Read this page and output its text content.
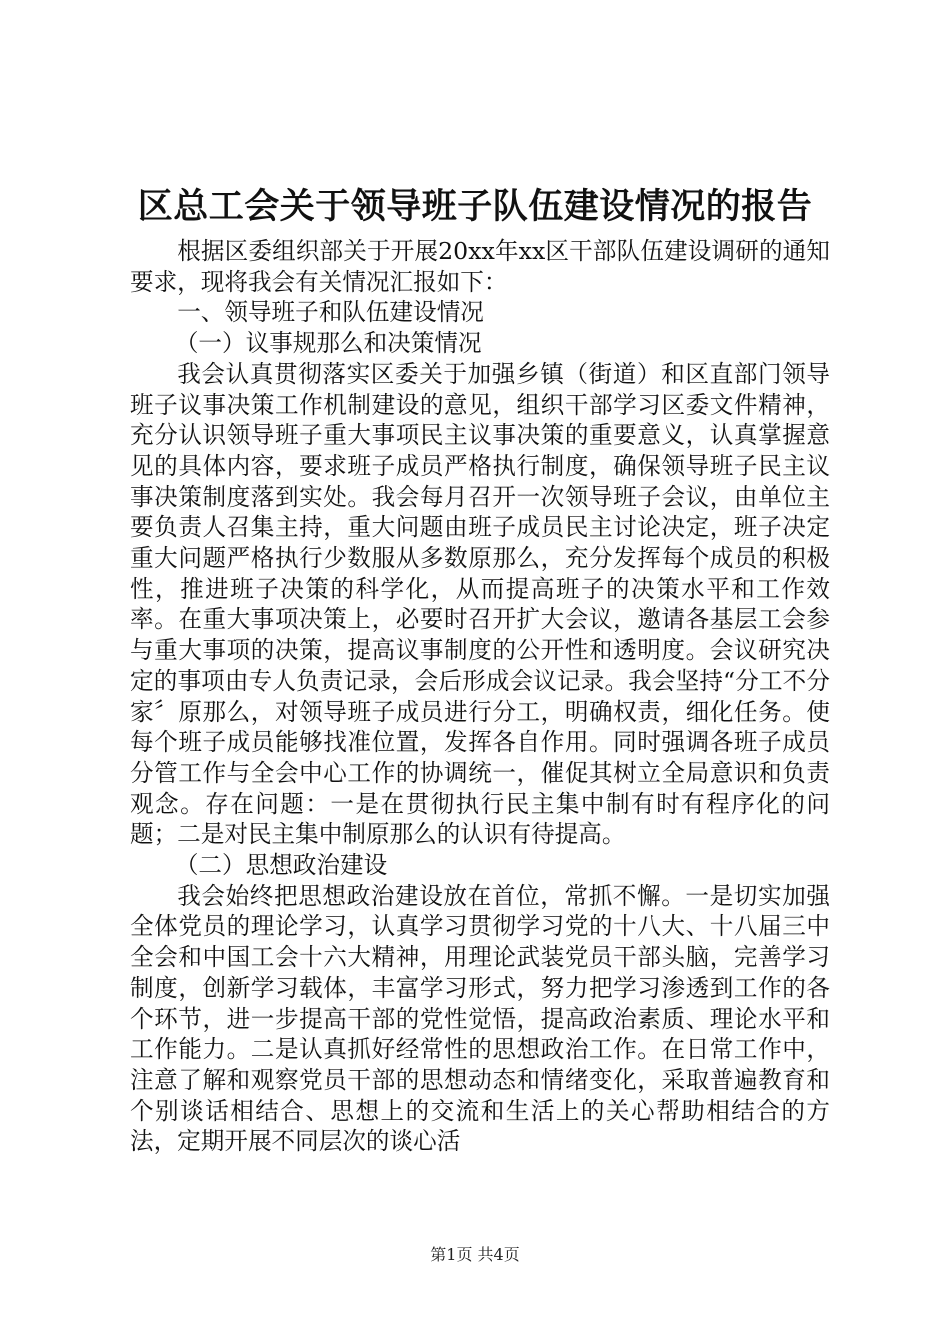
区总工会关于领导班子队伍建设情况的报告

根据区委组织部关于开展20xx年xx区干部队伍建设调研的通知要求，现将我会有关情况汇报如下：

一、领导班子和队伍建设情况

（一）议事规那么和决策情况

我会认真贯彻落实区委关于加强乡镇（街道）和区直部门领导班子议事决策工作机制建设的意见，组织干部学习区委文件精神，充分认识领导班子重大事项民主议事决策的重要意义，认真掌握意见的具体内容，要求班子成员严格执行制度，确保领导班子民主议事决策制度落到实处。我会每月召开一次领导班子会议，由单位主要负责人召集主持，重大问题由班子成员民主讨论决定，班子决定重大问题严格执行少数服从多数原那么，充分发挥每个成员的积极性，推进班子决策的科学化，从而提高班子的决策水平和工作效率。在重大事项决策上，必要时召开扩大会议，邀请各基层工会参与重大事项的决策，提高议事制度的公开性和透明度。会议研究决定的事项由专人负责记录，会后形成会议记录。我会坚持“分工不分家〞原那么，对领导班子成员进行分工，明确权责，细化任务。使每个班子成员能够找准位置，发挥各自作用。同时强调各班子成员分管工作与全会中心工作的协调统一，催促其树立全局意识和负责观念。存在问题：一是在贯彻执行民主集中制有时有程序化的问题；二是对民主集中制原那么的认识有待提高。

（二）思想政治建设

我会始终把思想政治建设放在首位，常抓不懈。一是切实加强全体党员的理论学习，认真学习贯彻学习党的十八大、十八届三中全会和中国工会十六大精神，用理论武装党员干部头脑，完善学习制度，创新学习载体，丰富学习形式，努力把学习渗透到工作的各个环节，进一步提高干部的党性觉悟，提高政治素质、理论水平和工作能力。二是认真抓好经常性的思想政治工作。在日常工作中，注意了解和观察党员干部的思想动态和情绪变化，采取普遍教育和个别谈话相结合、思想上的交流和生活上的关心帮助相结合的方法，定期开展不同层次的谈心活

第1页 共4页
